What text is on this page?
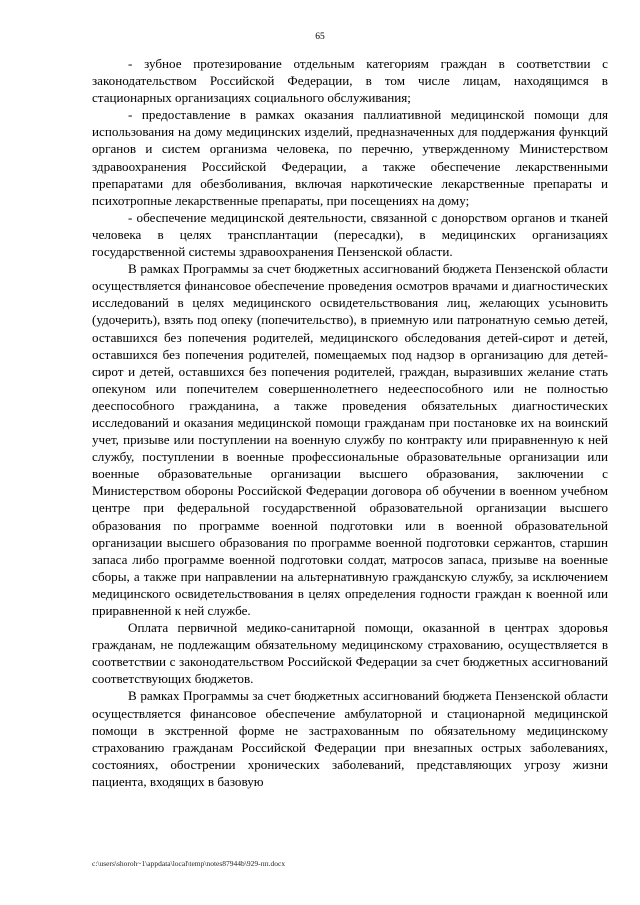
65

- зубное протезирование отдельным категориям граждан в соответствии с законодательством Российской Федерации, в том числе лицам, находящимся в стационарных организациях социального обслуживания;

- предоставление в рамках оказания паллиативной медицинской помощи для использования на дому медицинских изделий, предназначенных для поддержания функций органов и систем организма человека, по перечню, утвержденному Министерством здравоохранения Российской Федерации, а также обеспечение лекарственными препаратами для обезболивания, включая наркотические лекарственные препараты и психотропные лекарственные препараты, при посещениях на дому;

- обеспечение медицинской деятельности, связанной с донорством органов и тканей человека в целях трансплантации (пересадки), в медицинских организациях государственной системы здравоохранения Пензенской области.

В рамках Программы за счет бюджетных ассигнований бюджета Пензенской области осуществляется финансовое обеспечение проведения осмотров врачами и диагностических исследований в целях медицинского освидетельствования лиц, желающих усыновить (удочерить), взять под опеку (попечительство), в приемную или патронатную семью детей, оставшихся без попечения родителей, медицинского обследования детей-сирот и детей, оставшихся без попечения родителей, помещаемых под надзор в организацию для детей-сирот и детей, оставшихся без попечения родителей, граждан, выразивших желание стать опекуном или попечителем совершеннолетнего недееспособного или не полностью дееспособного гражданина, а также проведения обязательных диагностических исследований и оказания медицинской помощи гражданам при постановке их на воинский учет, призыве или поступлении на военную службу по контракту или приравненную к ней службу, поступлении в военные профессиональные образовательные организации или военные образовательные организации высшего образования, заключении с Министерством обороны Российской Федерации договора об обучении в военном учебном центре при федеральной государственной образовательной организации высшего образования по программе военной подготовки или в военной образовательной организации высшего образования по программе военной подготовки сержантов, старшин запаса либо программе военной подготовки солдат, матросов запаса, призыве на военные сборы, а также при направлении на альтернативную гражданскую службу, за исключением медицинского освидетельствования в целях определения годности граждан к военной или приравненной к ней службе.

Оплата первичной медико-санитарной помощи, оказанной в центрах здоровья гражданам, не подлежащим обязательному медицинскому страхованию, осуществляется в соответствии с законодательством Российской Федерации за счет бюджетных ассигнований соответствующих бюджетов.

В рамках Программы за счет бюджетных ассигнований бюджета Пензенской области осуществляется финансовое обеспечение амбулаторной и стационарной медицинской помощи в экстренной форме не застрахованным по обязательному медицинскому страхованию гражданам Российской Федерации при внезапных острых заболеваниях, состояниях, обострении хронических заболеваний, представляющих угрозу жизни пациента, входящих в базовую

c:\users\shoroh~1\appdata\local\temp\notes87944b\929-пп.docx
